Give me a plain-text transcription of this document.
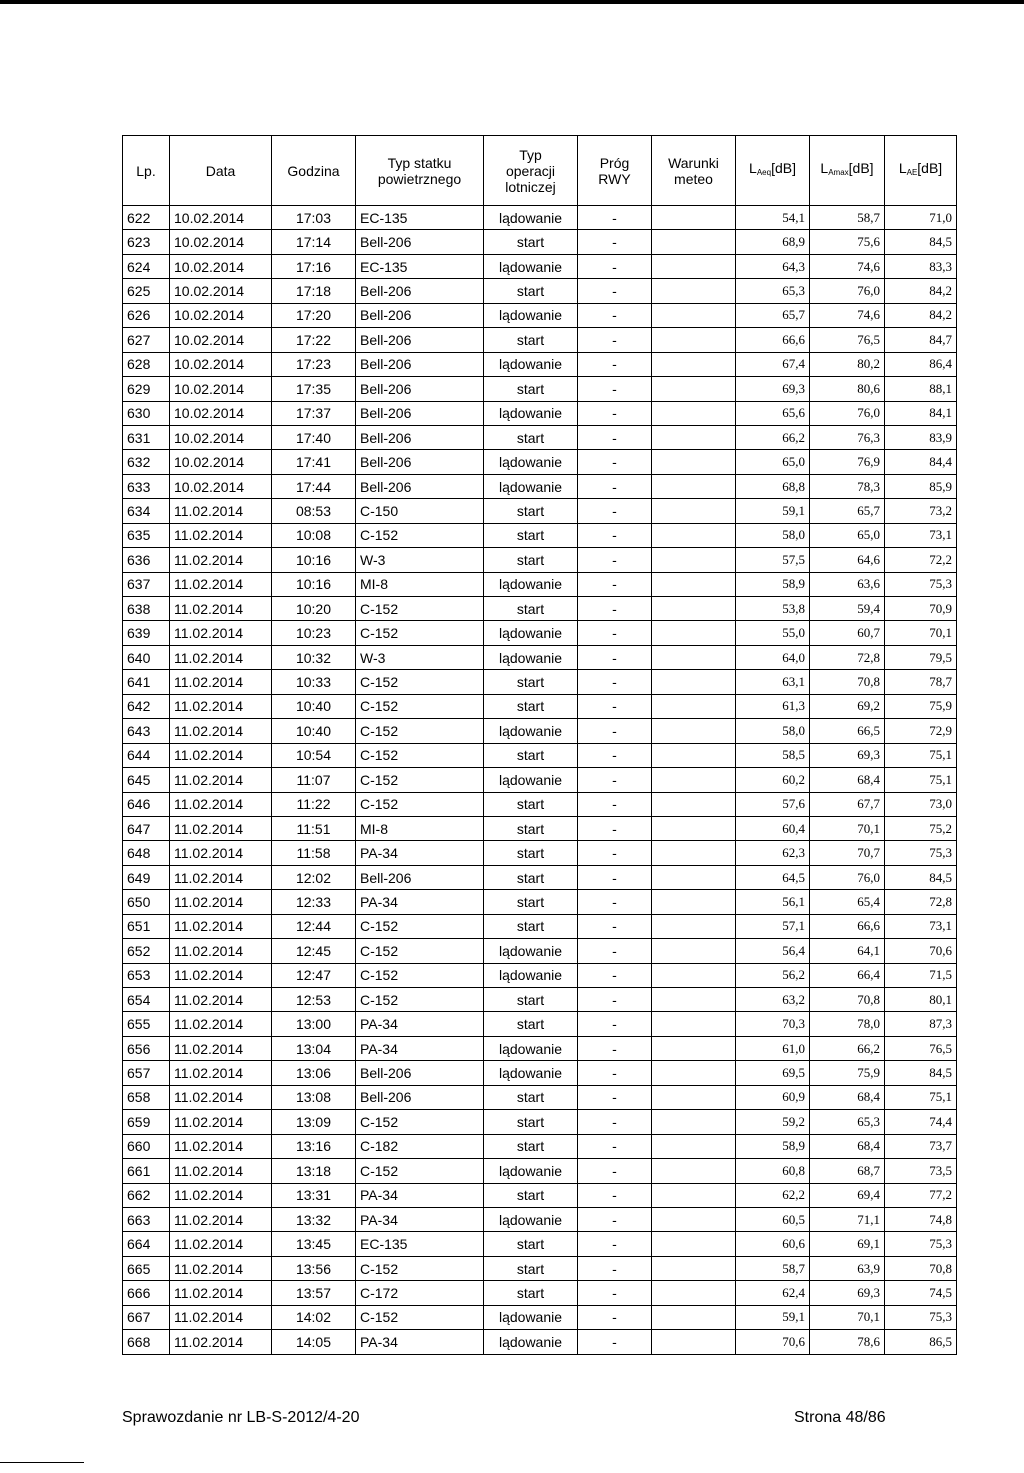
Lp.	Data	Godzina	Typ statku
powietrznego	Typ
operacji
lotniczej	Próg
RWY	Warunki
meteo	$L_{Aeq}[dB]$	$L_{Amax}[dB]$	$L_{AE}[dB]$
622	10.02.2014	17:03	EC-135	lądowanie	-		54,1	58,7	71,0
623	10.02.2014	17:14	Bell-206	start	-		68,9	75,6	84,5
624	10.02.2014	17:16	EC-135	lądowanie	-		64,3	74,6	83,3
625	10.02.2014	17:18	Bell-206	start	-		65,3	76,0	84,2
626	10.02.2014	17:20	Bell-206	lądowanie	-		65,7	74,6	84,2
627	10.02.2014	17:22	Bell-206	start	-		66,6	76,5	84,7
628	10.02.2014	17:23	Bell-206	lądowanie	-		67,4	80,2	86,4
629	10.02.2014	17:35	Bell-206	start	-		69,3	80,6	88,1
630	10.02.2014	17:37	Bell-206	lądowanie	-		65,6	76,0	84,1
631	10.02.2014	17:40	Bell-206	start	-		66,2	76,3	83,9
632	10.02.2014	17:41	Bell-206	lądowanie	-		65,0	76,9	84,4
633	10.02.2014	17:44	Bell-206	lądowanie	-		68,8	78,3	85,9
634	11.02.2014	08:53	C-150	start	-		59,1	65,7	73,2
635	11.02.2014	10:08	C-152	start	-		58,0	65,0	73,1
636	11.02.2014	10:16	W-3	start	-		57,5	64,6	72,2
637	11.02.2014	10:16	MI-8	lądowanie	-		58,9	63,6	75,3
638	11.02.2014	10:20	C-152	start	-		53,8	59,4	70,9
639	11.02.2014	10:23	C-152	lądowanie	-		55,0	60,7	70,1
640	11.02.2014	10:32	W-3	lądowanie	-		64,0	72,8	79,5
641	11.02.2014	10:33	C-152	start	-		63,1	70,8	78,7
642	11.02.2014	10:40	C-152	start	-		61,3	69,2	75,9
643	11.02.2014	10:40	C-152	lądowanie	-		58,0	66,5	72,9
644	11.02.2014	10:54	C-152	start	-		58,5	69,3	75,1
645	11.02.2014	11:07	C-152	lądowanie	-		60,2	68,4	75,1
646	11.02.2014	11:22	C-152	start	-		57,6	67,7	73,0
647	11.02.2014	11:51	MI-8	start	-		60,4	70,1	75,2
648	11.02.2014	11:58	PA-34	start	-		62,3	70,7	75,3
649	11.02.2014	12:02	Bell-206	start	-		64,5	76,0	84,5
650	11.02.2014	12:33	PA-34	start	-		56,1	65,4	72,8
651	11.02.2014	12:44	C-152	start	-		57,1	66,6	73,1
652	11.02.2014	12:45	C-152	lądowanie	-		56,4	64,1	70,6
653	11.02.2014	12:47	C-152	lądowanie	-		56,2	66,4	71,5
654	11.02.2014	12:53	C-152	start	-		63,2	70,8	80,1
655	11.02.2014	13:00	PA-34	start	-		70,3	78,0	87,3
656	11.02.2014	13:04	PA-34	lądowanie	-		61,0	66,2	76,5
657	11.02.2014	13:06	Bell-206	lądowanie	-		69,5	75,9	84,5
658	11.02.2014	13:08	Bell-206	start	-		60,9	68,4	75,1
659	11.02.2014	13:09	C-152	start	-		59,2	65,3	74,4
660	11.02.2014	13:16	C-182	start	-		58,9	68,4	73,7
661	11.02.2014	13:18	C-152	lądowanie	-		60,8	68,7	73,5
662	11.02.2014	13:31	PA-34	start	-		62,2	69,4	77,2
663	11.02.2014	13:32	PA-34	lądowanie	-		60,5	71,1	74,8
664	11.02.2014	13:45	EC-135	start	-		60,6	69,1	75,3
665	11.02.2014	13:56	C-152	start	-		58,7	63,9	70,8
666	11.02.2014	13:57	C-172	start	-		62,4	69,3	74,5
667	11.02.2014	14:02	C-152	lądowanie	-		59,1	70,1	75,3
668	11.02.2014	14:05	PA-34	lądowanie	-		70,6	78,6	86,5
Sprawozdanie nr LB-S-2012/4-20	Strona 48/86
